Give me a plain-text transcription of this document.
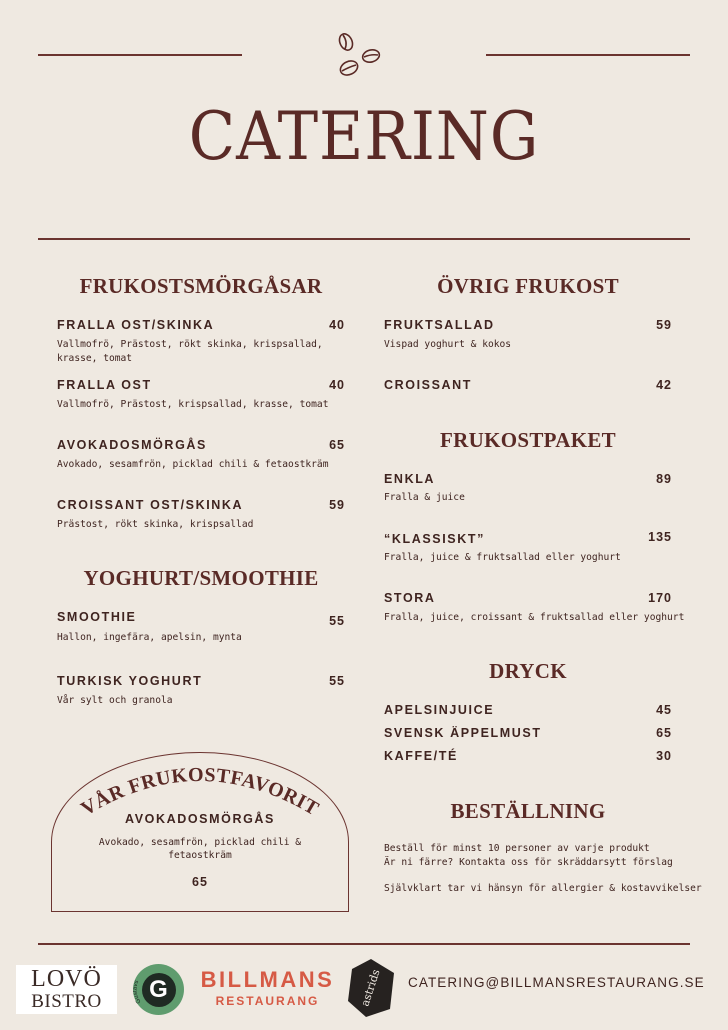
CATERING
FRUKOSTSMÖRGÅSAR
FRALLA OST/SKINKA	40
Vallmofrö, Prästost, rökt skinka, krispsallad, krasse, tomat
FRALLA OST	40
Vallmofrö, Prästost, krispsallad, krasse, tomat
AVOKADOSMÖRGÅS	65
Avokado, sesamfrön, picklad chili & fetaostkräm
CROISSANT OST/SKINKA	59
Prästost, rökt skinka, krispsallad
YOGHURT/SMOOTHIE
SMOOTHIE	55
Hallon, ingefära, apelsin, mynta
TURKISK YOGHURT	55
Vår sylt och granola
VÅR FRUKOSTFAVORIT
AVOKADOSMÖRGÅS
Avokado, sesamfrön, picklad chili & fetaostkräm
65
ÖVRIG FRUKOST
FRUKTSALLAD	59
Vispad yoghurt & kokos
CROISSANT	42
FRUKOSTPAKET
ENKLA	89
Fralla & juice
“KLASSISKT”	135
Fralla, juice & fruktsallad eller yoghurt
STORA	170
Fralla, juice, croissant & fruktsallad eller yoghurt
DRYCK
APELSINJUICE	45
SVENSK ÄPPELMUST	65
KAFFE/TÉ	30
BESTÄLLNING
Beställ för minst 10 personer av varje produkt
Är ni färre? Kontakta oss för skräddarsytt förslag
Självklart tar vi hänsyn för allergier & kostavvikelser
LOVÖ
BISTRO	Gustavs G	BILLMANS
RESTAURANG	astrids CATERING@BILLMANSRESTAURANG.SE
